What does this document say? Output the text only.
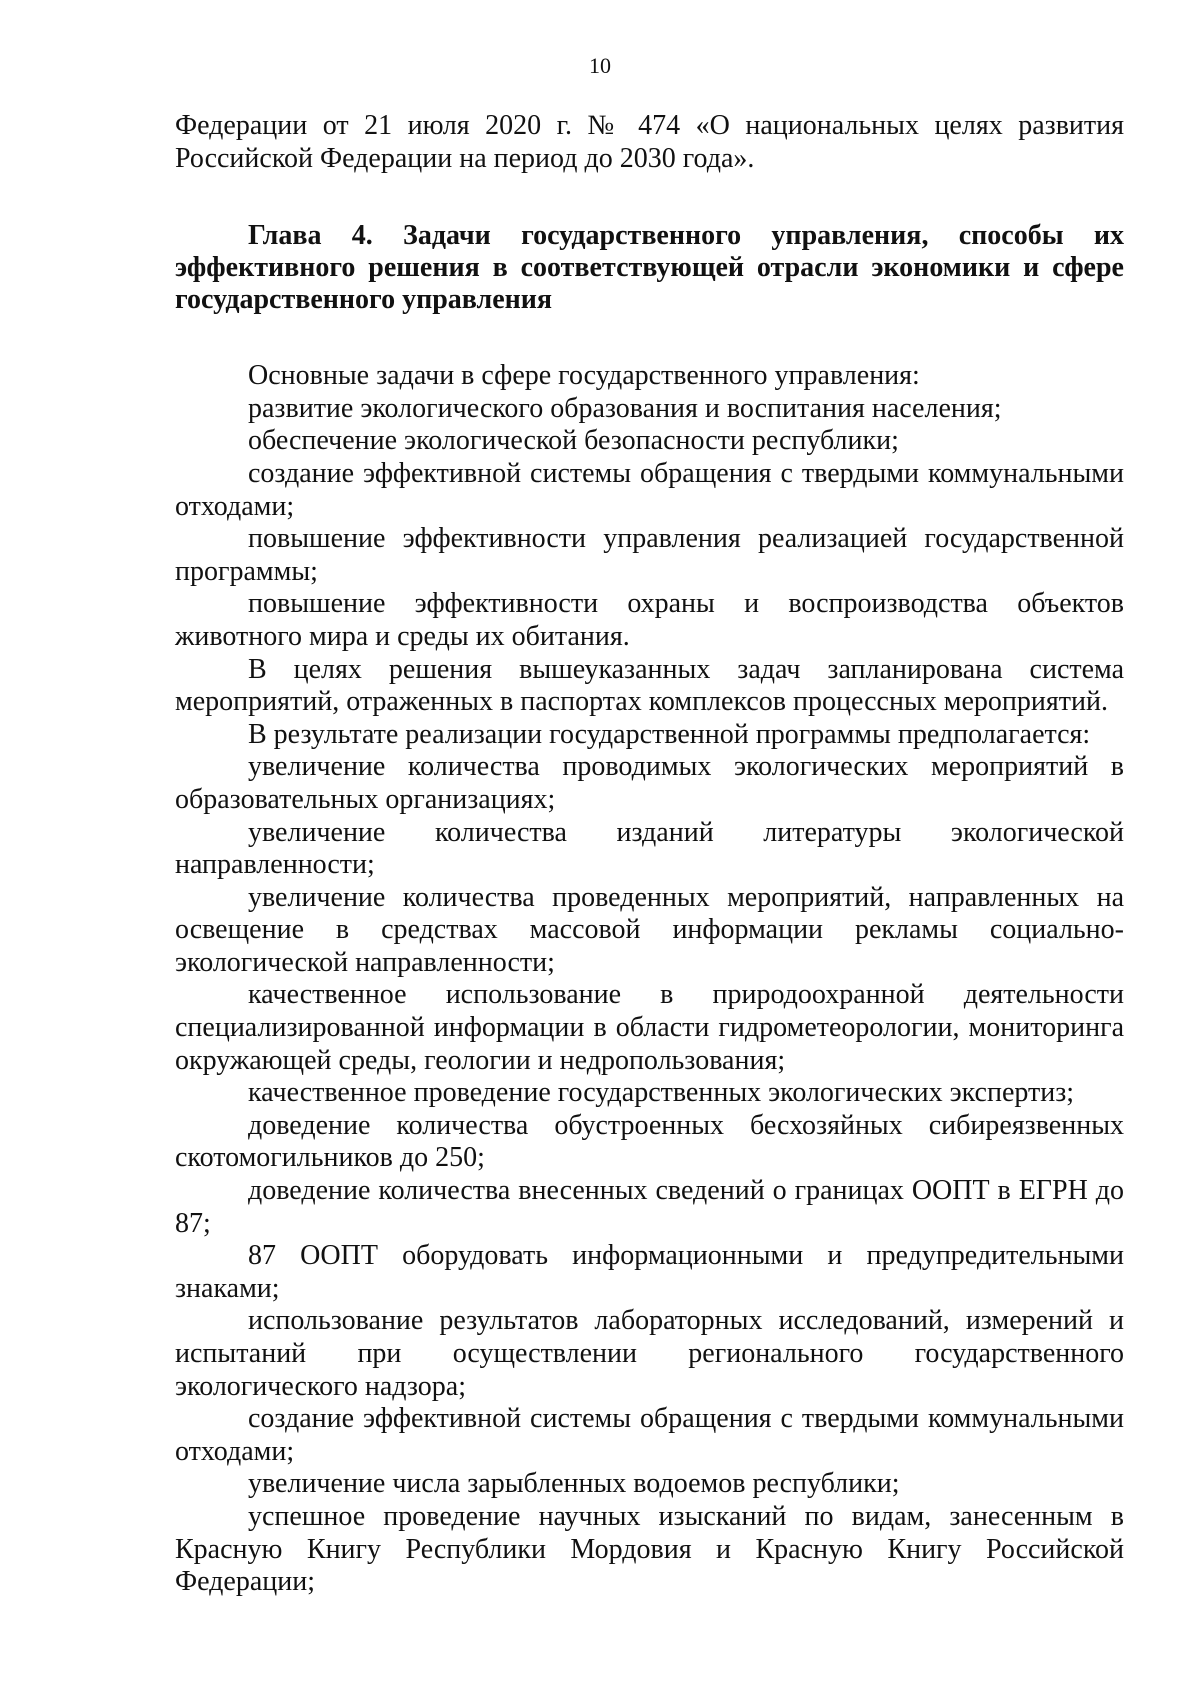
10

Федерации от 21 июля 2020 г. № 474 «О национальных целях развития Российской Федерации на период до 2030 года».

Глава 4. Задачи государственного управления, способы их эффективного решения в соответствующей отрасли экономики и сфере государственного управления

Основные задачи в сфере государственного управления:

развитие экологического образования и воспитания населения;

обеспечение экологической безопасности республики;

создание эффективной системы обращения с твердыми коммунальными отходами;

повышение эффективности управления реализацией государственной программы;

повышение эффективности охраны и воспроизводства объектов животного мира и среды их обитания.

В целях решения вышеуказанных задач запланирована система мероприятий, отраженных в паспортах комплексов процессных мероприятий.

В результате реализации государственной программы предполагается:

увеличение количества проводимых экологических мероприятий в образовательных организациях;

увеличение количества изданий литературы экологической направленности;

увеличение количества проведенных мероприятий, направленных на освещение в средствах массовой информации рекламы социально-экологической направленности;

качественное использование в природоохранной деятельности специализированной информации в области гидрометеорологии, мониторинга окружающей среды, геологии и недропользования;

качественное проведение государственных экологических экспертиз;

доведение количества обустроенных бесхозяйных сибиреязвенных скотомогильников до 250;

доведение количества внесенных сведений о границах ООПТ в ЕГРН до 87;

87 ООПТ оборудовать информационными и предупредительными знаками;

использование результатов лабораторных исследований, измерений и испытаний при осуществлении регионального государственного экологического надзора;

создание эффективной системы обращения с твердыми коммунальными отходами;

увеличение числа зарыбленных водоемов республики;

успешное проведение научных изысканий по видам, занесенным в Красную Книгу Республики Мордовия и Красную Книгу Российской Федерации;
